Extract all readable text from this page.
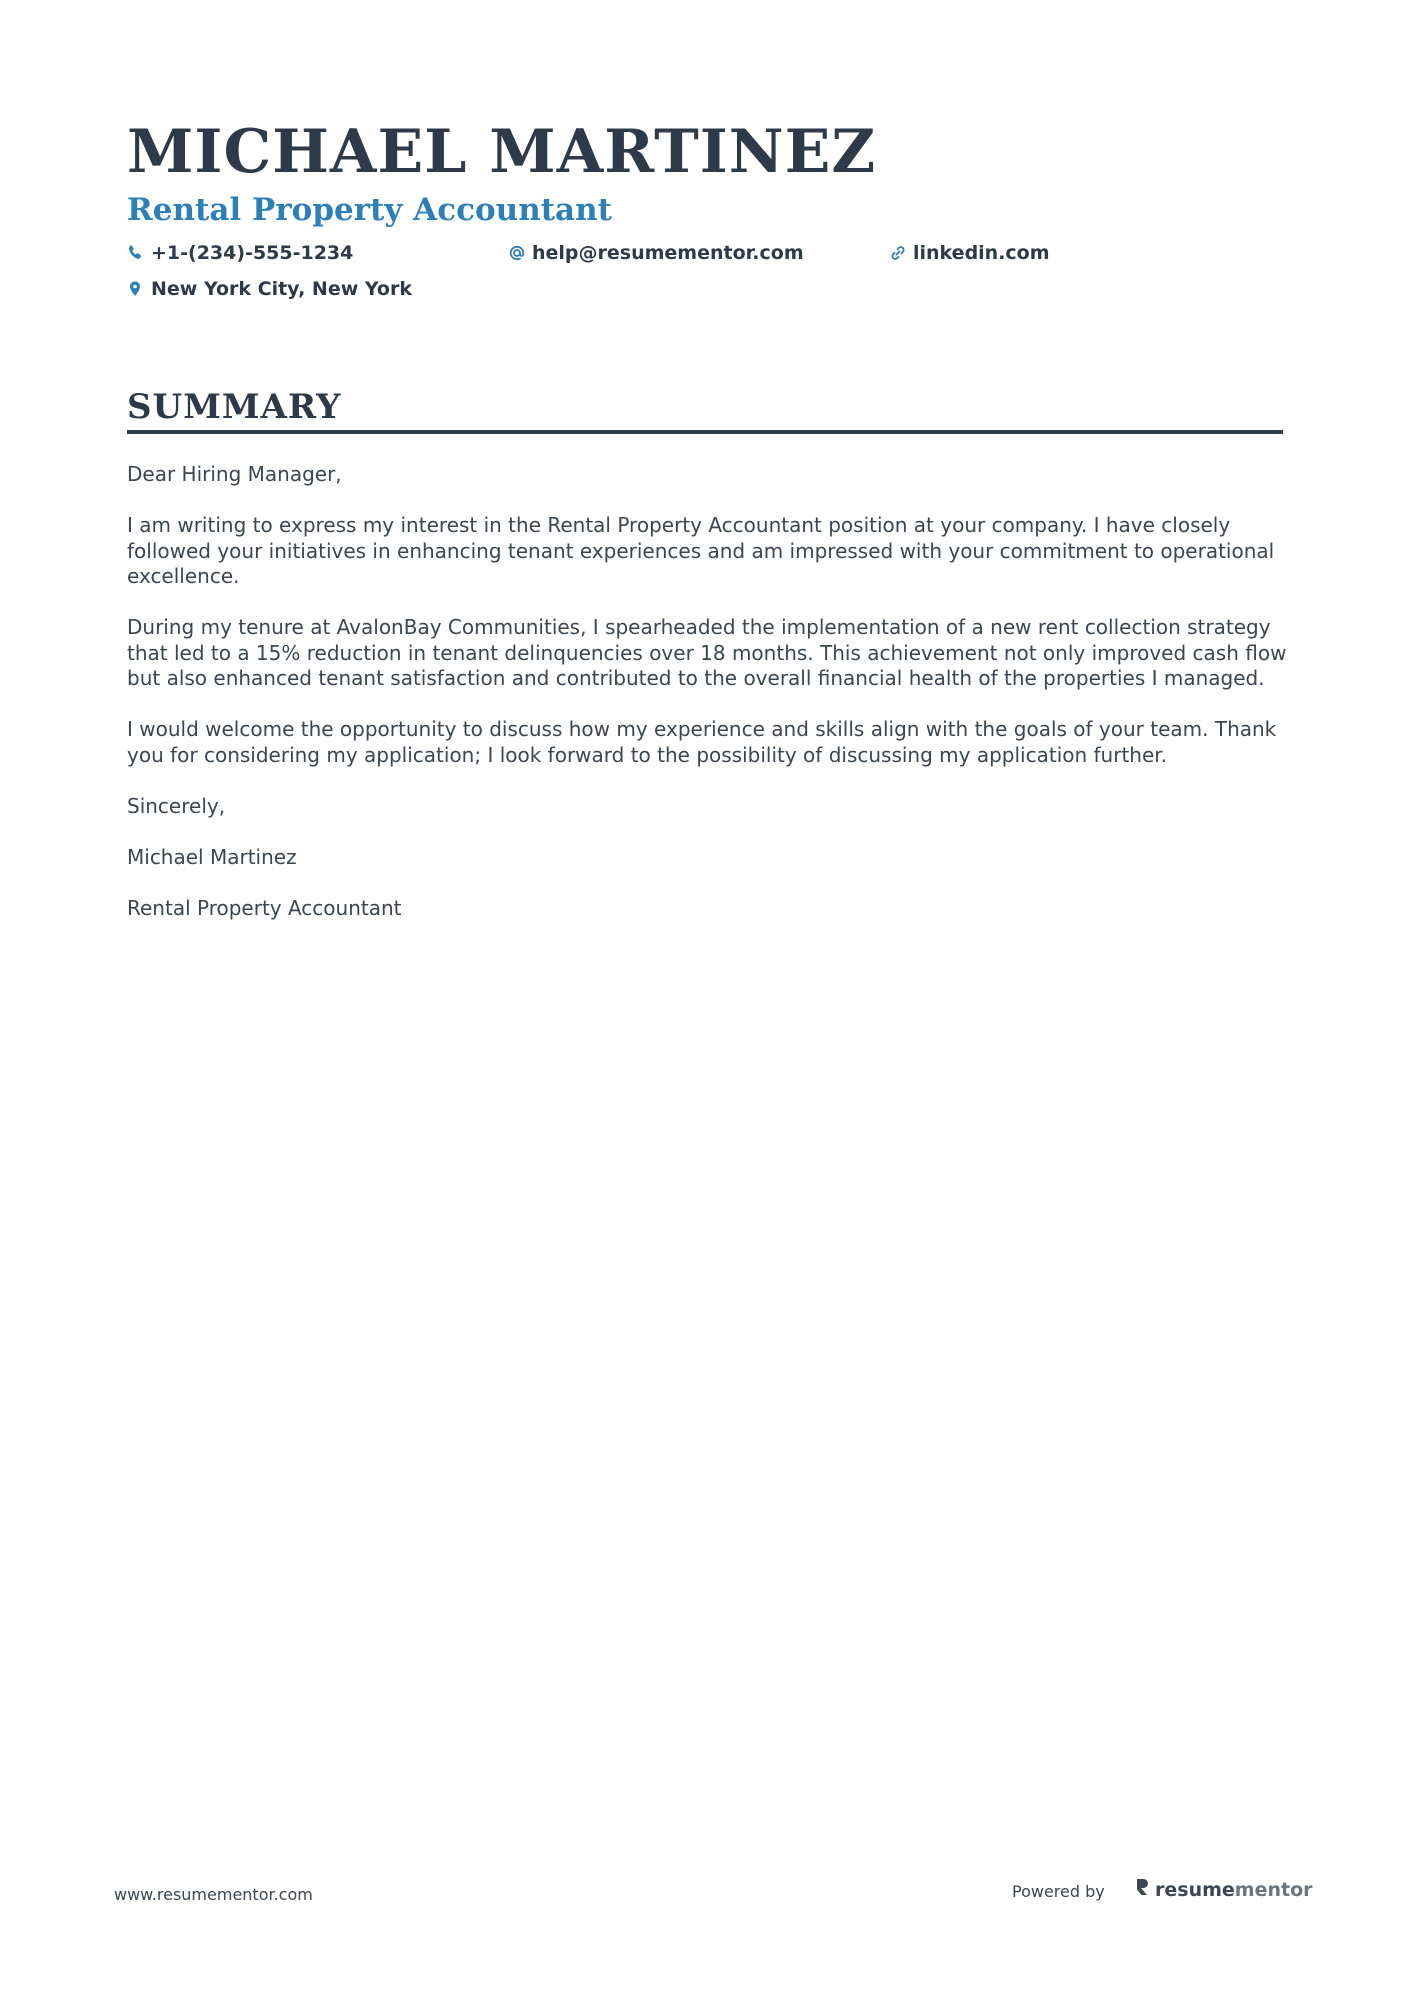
MICHAEL MARTINEZ
Rental Property Accountant
+1-(234)-555-1234	help@resumementor.com	linkedin.com
New York City, New York
SUMMARY

Dear Hiring Manager,

I am writing to express my interest in the Rental Property Accountant position at your company. I have closely followed your initiatives in enhancing tenant experiences and am impressed with your commitment to operational excellence.

During my tenure at AvalonBay Communities, I spearheaded the implementation of a new rent collection strategy that led to a 15% reduction in tenant delinquencies over 18 months. This achievement not only improved cash flow but also enhanced tenant satisfaction and contributed to the overall financial health of the properties I managed.

I would welcome the opportunity to discuss how my experience and skills align with the goals of your team. Thank you for considering my application; I look forward to the possibility of discussing my application further.

Sincerely,

Michael Martinez

Rental Property Accountant

www.resumementor.com	Powered by	resume mentor
